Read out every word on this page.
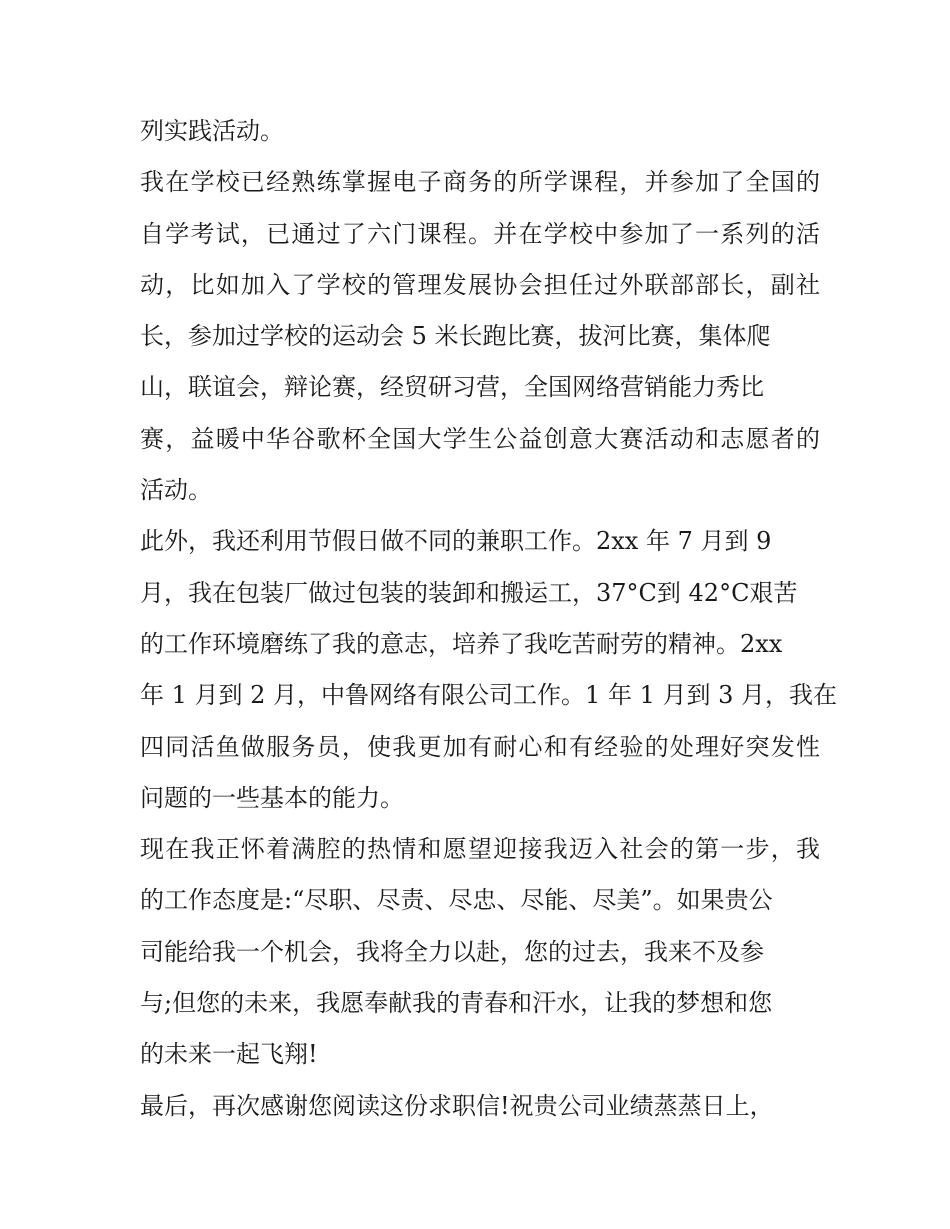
列实践活动。
我在学校已经熟练掌握电子商务的所学课程，并参加了全国的
自学考试，已通过了六门课程。并在学校中参加了一系列的活
动，比如加入了学校的管理发展协会担任过外联部部长，副社
长，参加过学校的运动会 5 米长跑比赛，拔河比赛，集体爬
山，联谊会，辩论赛，经贸研习营，全国网络营销能力秀比
赛，益暖中华谷歌杯全国大学生公益创意大赛活动和志愿者的
活动。
此外，我还利用节假日做不同的兼职工作。2xx 年 7 月到 9
月，我在包装厂做过包装的装卸和搬运工，37°C到 42°C艰苦
的工作环境磨练了我的意志，培养了我吃苦耐劳的精神。2xx
年 1 月到 2 月，中鲁网络有限公司工作。1 年 1 月到 3 月，我在
四同活鱼做服务员，使我更加有耐心和有经验的处理好突发性
问题的一些基本的能力。
现在我正怀着满腔的热情和愿望迎接我迈入社会的第一步，我
的工作态度是:“尽职、尽责、尽忠、尽能、尽美”。如果贵公
司能给我一个机会，我将全力以赴，您的过去，我来不及参
与;但您的未来，我愿奉献我的青春和汗水，让我的梦想和您
的未来一起飞翔!
最后，再次感谢您阅读这份求职信!祝贵公司业绩蒸蒸日上，
